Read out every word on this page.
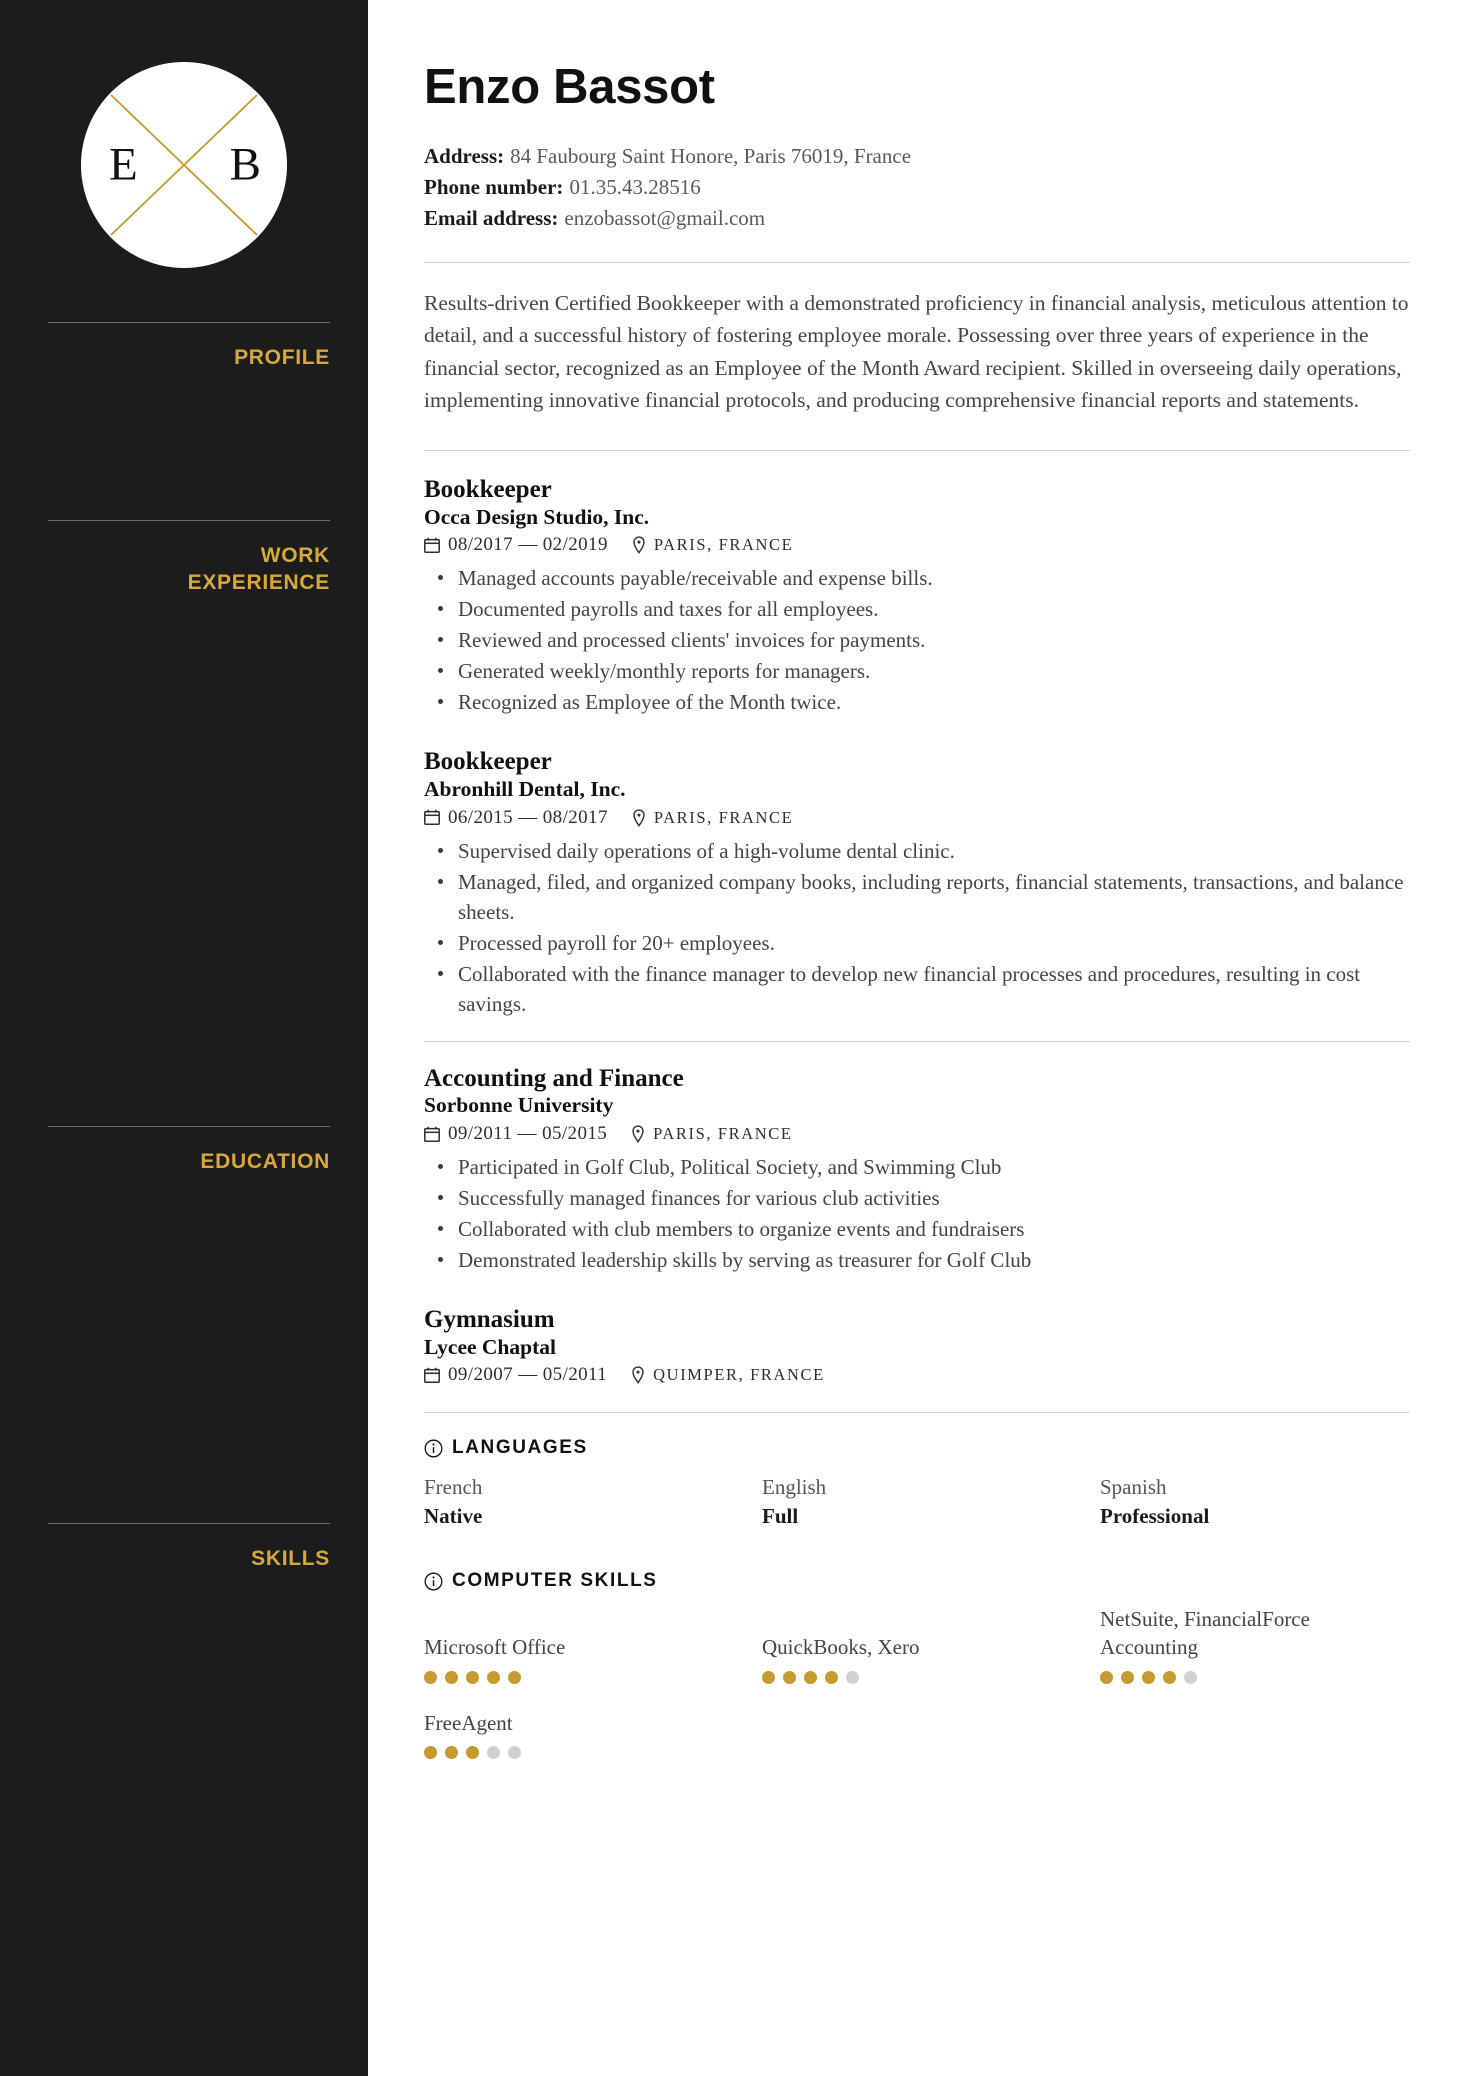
E B
PROFILE
WORK
EXPERIENCE
EDUCATION
SKILLS
Enzo Bassot
Address: 84 Faubourg Saint Honore, Paris 76019, France
Phone number: 01.35.43.28516
Email address: enzobassot@gmail.com

Results-driven Certified Bookkeeper with a demonstrated proficiency in financial analysis, meticulous attention to detail, and a successful history of fostering employee morale. Possessing over three years of experience in the financial sector, recognized as an Employee of the Month Award recipient. Skilled in overseeing daily operations, implementing innovative financial protocols, and producing comprehensive financial reports and statements.

Bookkeeper
Occa Design Studio, Inc.
08/2017 — 02/2019	PARIS, FRANCE
Managed accounts payable/receivable and expense bills.
Documented payrolls and taxes for all employees.
Reviewed and processed clients' invoices for payments.
Generated weekly/monthly reports for managers.
Recognized as Employee of the Month twice.
Bookkeeper
Abronhill Dental, Inc.
06/2015 — 08/2017	PARIS, FRANCE
Supervised daily operations of a high-volume dental clinic.
Managed, filed, and organized company books, including reports, financial statements, transactions, and balance sheets.
Processed payroll for 20+ employees.
Collaborated with the finance manager to develop new financial processes and procedures, resulting in cost savings.
Accounting and Finance
Sorbonne University
09/2011 — 05/2015	PARIS, FRANCE
Participated in Golf Club, Political Society, and Swimming Club
Successfully managed finances for various club activities
Collaborated with club members to organize events and fundraisers
Demonstrated leadership skills by serving as treasurer for Golf Club
Gymnasium
Lycee Chaptal
09/2007 — 05/2011	QUIMPER, FRANCE
LANGUAGES
French
Native
English
Full
Spanish
Professional
COMPUTER SKILLS
Microsoft Office	QuickBooks, Xero
NetSuite, FinancialForce Accounting
FreeAgent
